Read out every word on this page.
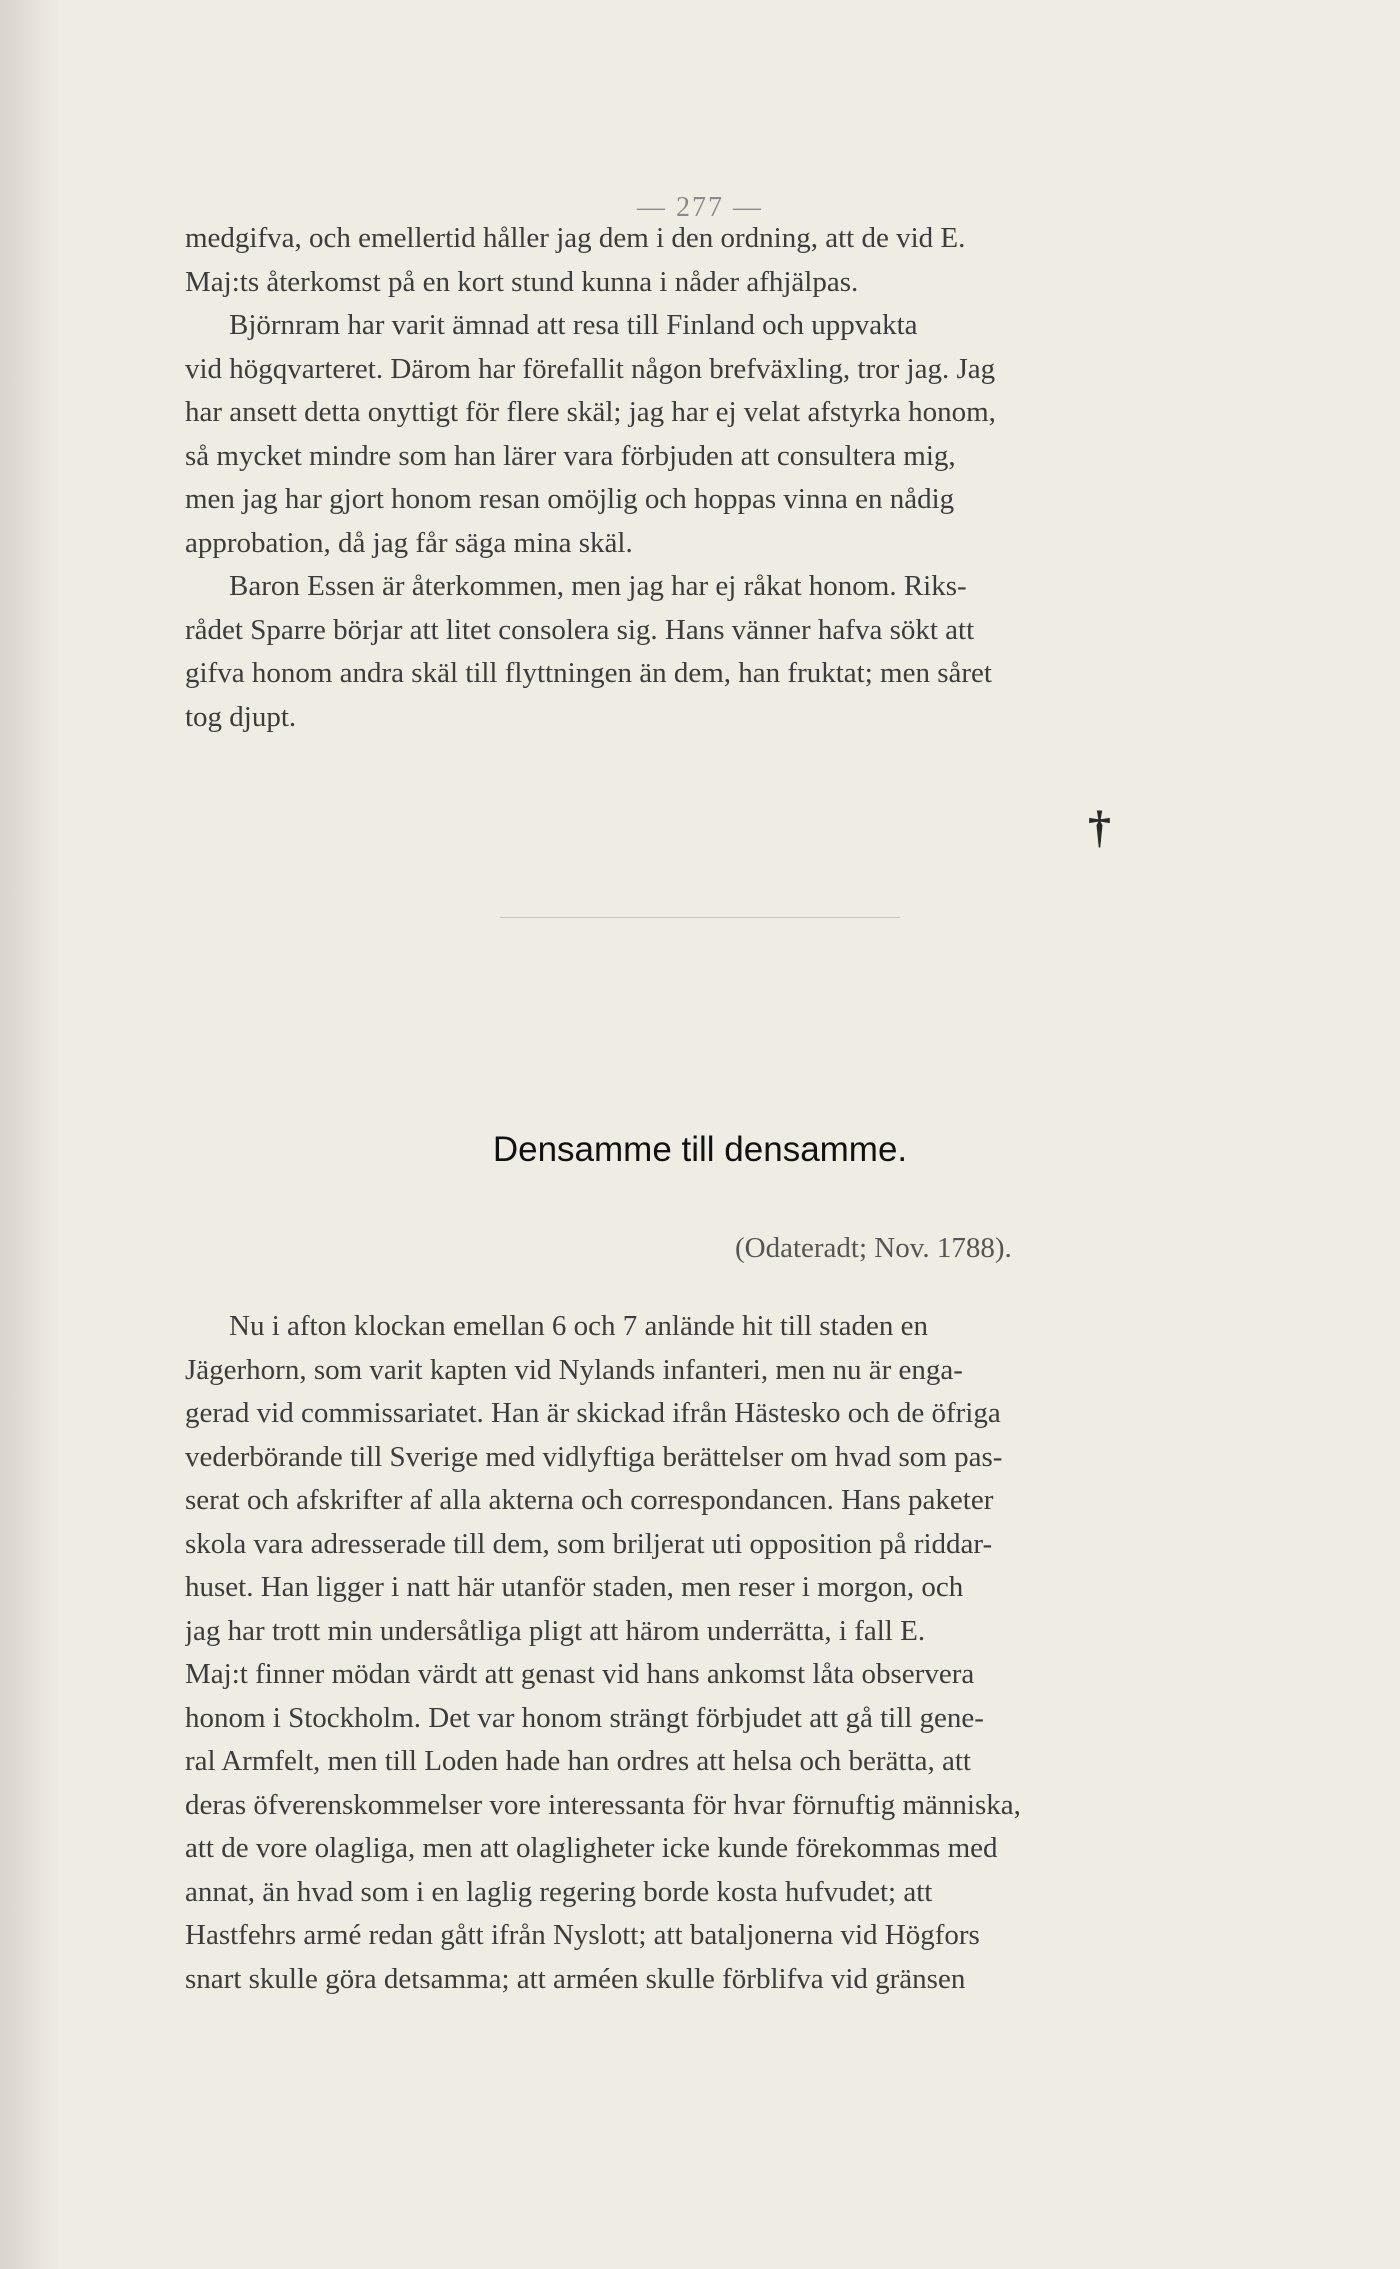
— 277 —
medgifva, och emellertid håller jag dem i den ordning, att de vid E.
Maj:ts återkomst på en kort stund kunna i nåder afhjälpas.
Björnram har varit ämnad att resa till Finland och uppvakta
vid högqvarteret. Därom har förefallit någon brefväxling, tror jag. Jag
har ansett detta onyttigt för flere skäl; jag har ej velat afstyrka honom,
så mycket mindre som han lärer vara förbjuden att consultera mig,
men jag har gjort honom resan omöjlig och hoppas vinna en nådig
approbation, då jag får säga mina skäl.
Baron Essen är återkommen, men jag har ej råkat honom. Riks-
rådet Sparre börjar att litet consolera sig. Hans vänner hafva sökt att
gifva honom andra skäl till flyttningen än dem, han fruktat; men såret
tog djupt.
†
Densamme till densamme.
(Odateradt; Nov. 1788).
Nu i afton klockan emellan 6 och 7 anlände hit till staden en
Jägerhorn, som varit kapten vid Nylands infanteri, men nu är enga-
gerad vid commissariatet. Han är skickad ifrån Hästesko och de öfriga
vederbörande till Sverige med vidlyftiga berättelser om hvad som pas-
serat och afskrifter af alla akterna och correspondancen. Hans paketer
skola vara adresserade till dem, som briljerat uti opposition på riddar-
huset. Han ligger i natt här utanför staden, men reser i morgon, och
jag har trott min undersåtliga pligt att härom underrätta, i fall E.
Maj:t finner mödan värdt att genast vid hans ankomst låta observera
honom i Stockholm. Det var honom strängt förbjudet att gå till gene-
ral Armfelt, men till Loden hade han ordres att helsa och berätta, att
deras öfverenskommelser vore interessanta för hvar förnuftig människa,
att de vore olagliga, men att olagligheter icke kunde förekommas med
annat, än hvad som i en laglig regering borde kosta hufvudet; att
Hastfehrs armé redan gått ifrån Nyslott; att bataljonerna vid Högfors
snart skulle göra detsamma; att arméen skulle förblifva vid gränsen
